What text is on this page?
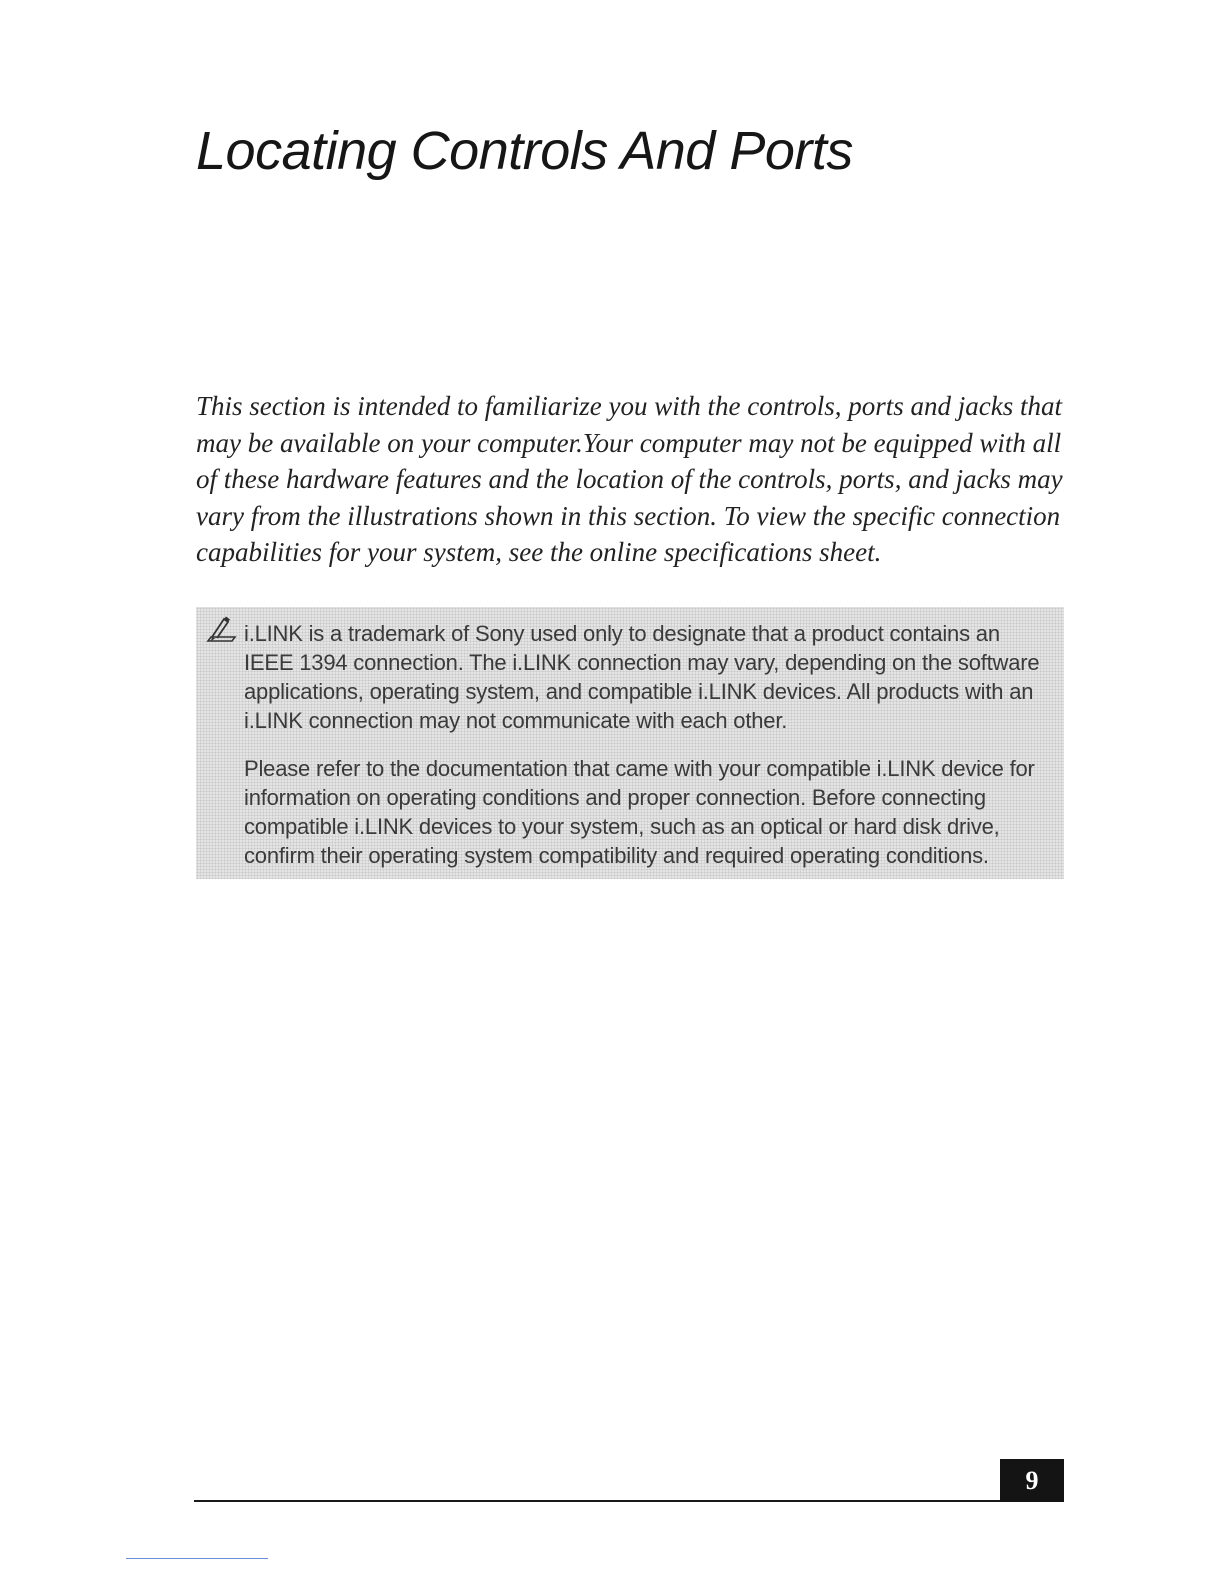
Locating Controls And Ports

This section is intended to familiarize you with the controls, ports and jacks that may be available on your computer.Your computer may not be equipped with all of these hardware features and the location of the controls, ports, and jacks may vary from the illustrations shown in this section. To view the specific connection capabilities for your system, see the online specifications sheet.

i.LINK is a trademark of Sony used only to designate that a product contains an IEEE 1394 connection. The i.LINK connection may vary, depending on the software applications, operating system, and compatible i.LINK devices. All products with an i.LINK connection may not communicate with each other.

Please refer to the documentation that came with your compatible i.LINK device for information on operating conditions and proper connection. Before connecting compatible i.LINK devices to your system, such as an optical or hard disk drive, confirm their operating system compatibility and required operating conditions.

9
